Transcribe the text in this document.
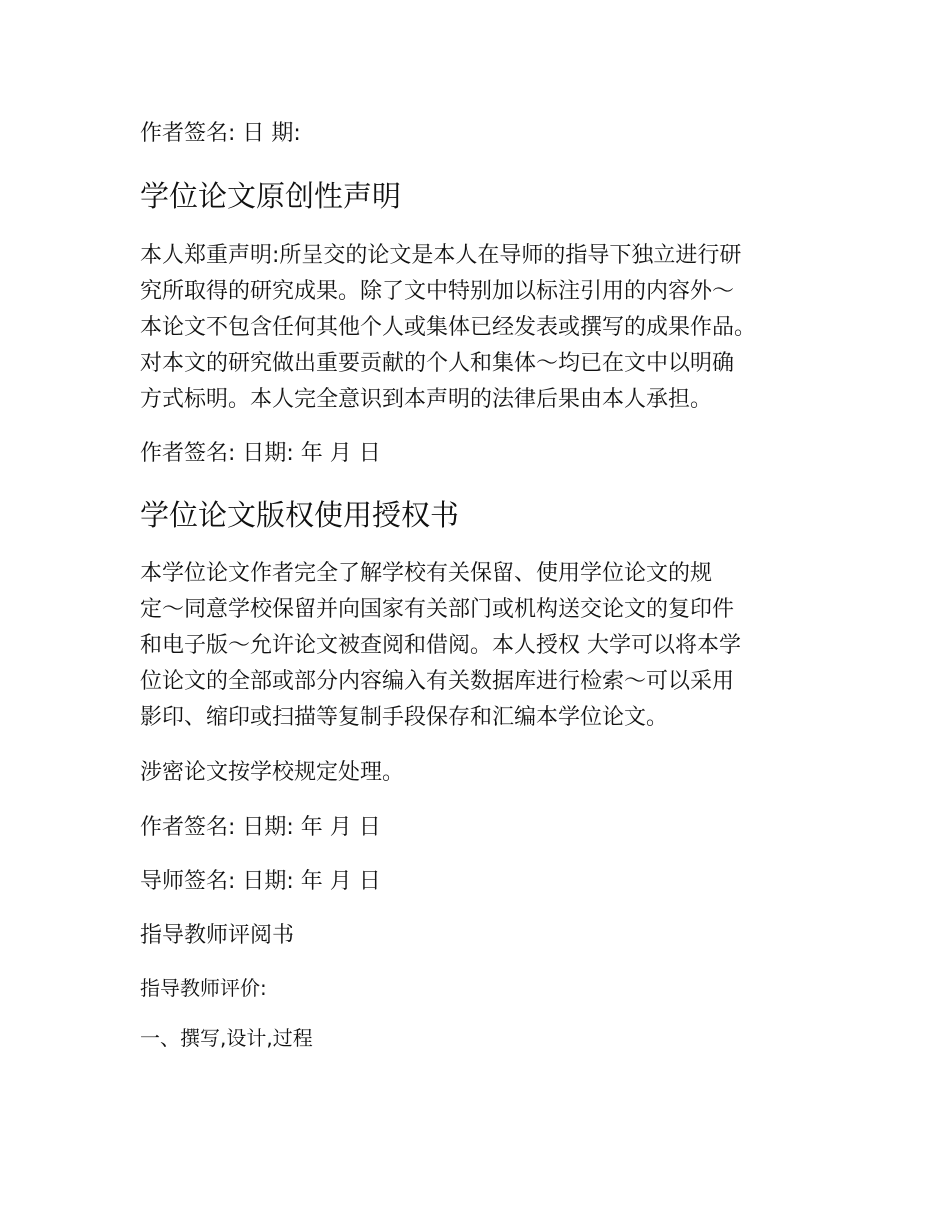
作者签名: 日 期:

学位论文原创性声明
本人郑重声明:所呈交的论文是本人在导师的指导下独立进行研
究所取得的研究成果。除了文中特别加以标注引用的内容外～
本论文不包含任何其他个人或集体已经发表或撰写的成果作品。
对本文的研究做出重要贡献的个人和集体～均已在文中以明确
方式标明。本人完全意识到本声明的法律后果由本人承担。

作者签名: 日期: 年 月 日

学位论文版权使用授权书
本学位论文作者完全了解学校有关保留、使用学位论文的规
定～同意学校保留并向国家有关部门或机构送交论文的复印件
和电子版～允许论文被查阅和借阅。本人授权 大学可以将本学
位论文的全部或部分内容编入有关数据库进行检索～可以采用
影印、缩印或扫描等复制手段保存和汇编本学位论文。

涉密论文按学校规定处理。

作者签名: 日期: 年 月 日

导师签名: 日期: 年 月 日

指导教师评阅书

指导教师评价:

一、撰写,设计,过程
